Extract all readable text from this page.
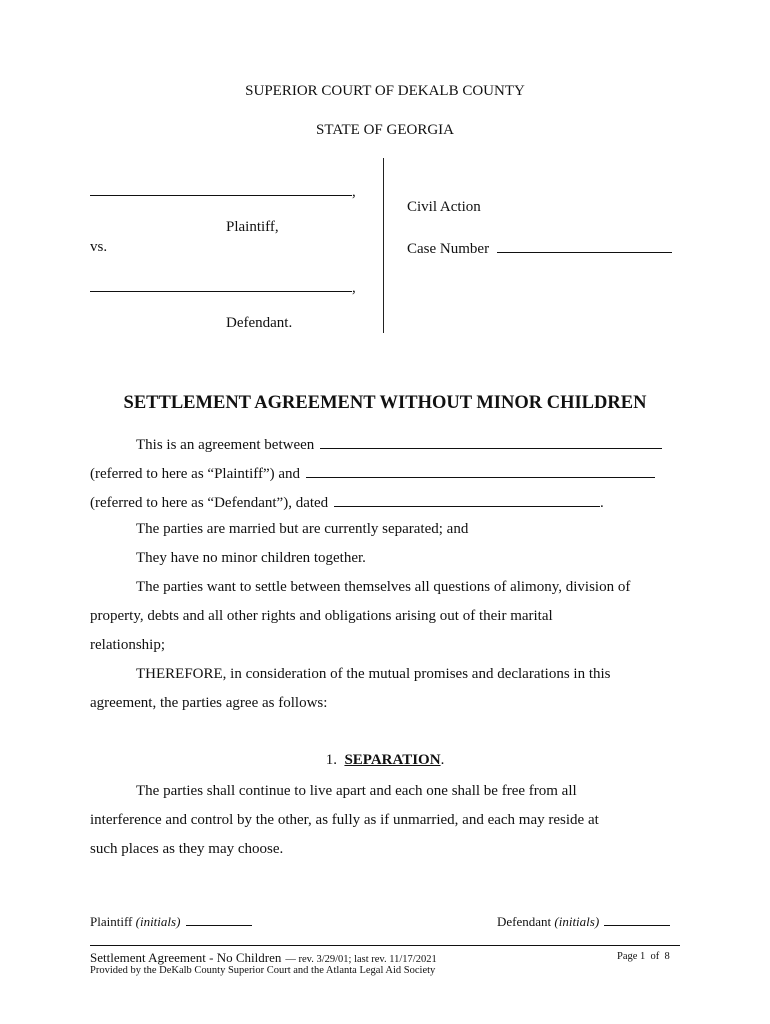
SUPERIOR COURT OF DEKALB COUNTY
STATE OF GEORGIA
,
Plaintiff,
vs.
,
Defendant.
Civil Action
Case Number
SETTLEMENT AGREEMENT WITHOUT MINOR CHILDREN
This is an agreement between
(referred to here as “Plaintiff”) and
(referred to here as “Defendant”), dated	.
The parties are married but are currently separated; and
They have no minor children together.
The parties want to settle between themselves all questions of alimony, division of
property, debts and all other rights and obligations arising out of their marital
relationship;
THEREFORE, in consideration of the mutual promises and declarations in this
agreement, the parties agree as follows:
1. SEPARATION.
The parties shall continue to live apart and each one shall be free from all
interference and control by the other, as fully as if unmarried, and each may reside at
such places as they may choose.
Plaintiff (initials)	Defendant (initials)
Settlement Agreement - No Children — rev. 3/29/01; last rev. 11/17/2021
Provided by the DeKalb County Superior Court and the Atlanta Legal Aid Society
Page 1 of 8
